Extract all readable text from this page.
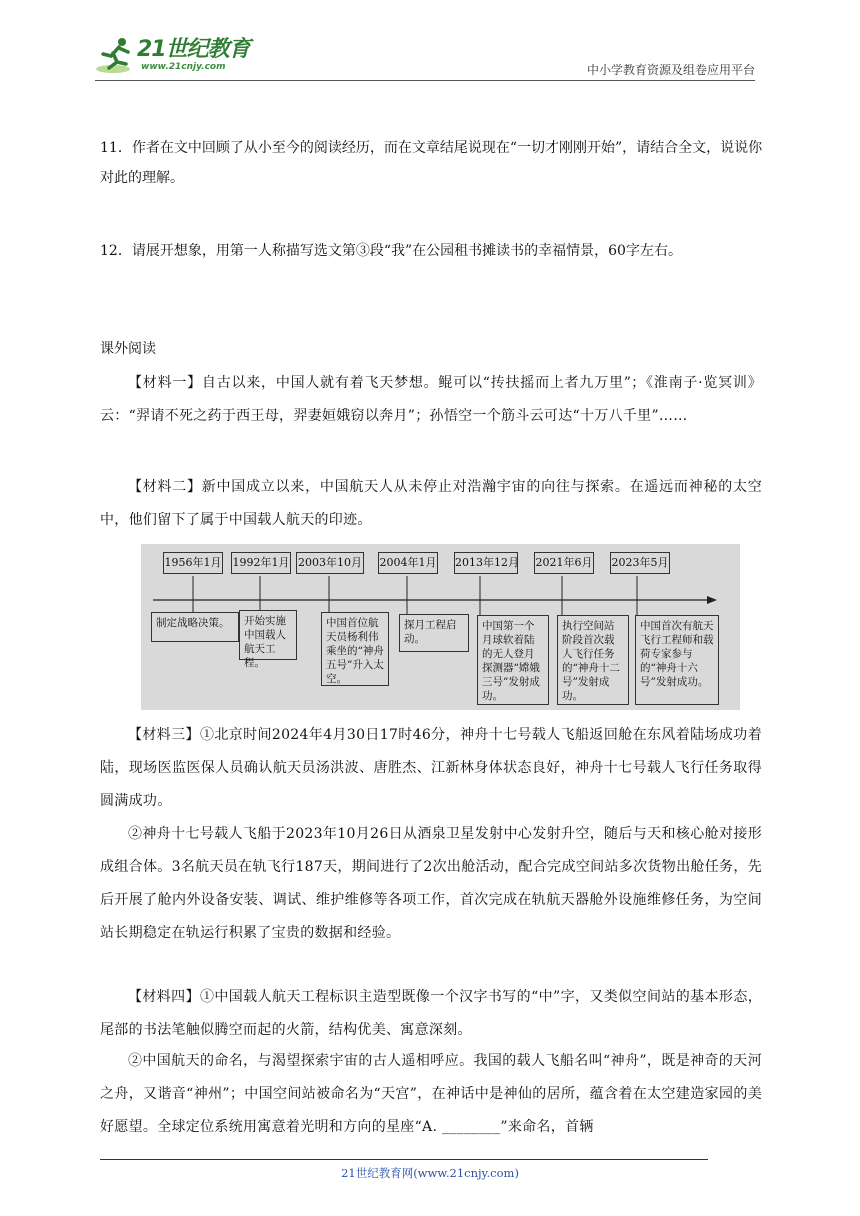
21世纪教育
www.21cnjy.com	中小学教育资源及组卷应用平台
11．作者在文中回顾了从小至今的阅读经历，而在文章结尾说现在“一切才刚刚开始”，请结合全文，说说你对此的理解。
12．请展开想象，用第一人称描写选文第③段“我”在公园租书摊读书的幸福情景，60字左右。
课外阅读
【材料一】自古以来，中国人就有着飞天梦想。鲲可以“抟扶摇而上者九万里”；《淮南子·览冥训》云：“羿请不死之药于西王母，羿妻姮娥窃以奔月”；孙悟空一个筋斗云可达“十万八千里”……
【材料二】新中国成立以来，中国航天人从未停止对浩瀚宇宙的向往与探索。在遥远而神秘的太空中，他们留下了属于中国载人航天的印迹。
1956年1月 1992年1月 2003年10月 2004年1月 2013年12月 2021年6月 2023年5月
制定战略决策。	开始实施中国载人航天工程。
中国首位航天员杨利伟乘坐的“神舟五号”升入太空。
探月工程启动。
中国第一个月球软着陆的无人登月探测器“嫦娥三号”发射成功。
执行空间站阶段首次载人飞行任务的“神舟十二号”发射成功。
中国首次有航天飞行工程师和载荷专家参与的“神舟十六号”发射成功。
【材料三】①北京时间2024年4月30日17时46分，神舟十七号载人飞船返回舱在东风着陆场成功着陆，现场医监医保人员确认航天员汤洪波、唐胜杰、江新林身体状态良好，神舟十七号载人飞行任务取得圆满成功。
②神舟十七号载人飞船于2023年10月26日从酒泉卫星发射中心发射升空，随后与天和核心舱对接形成组合体。3名航天员在轨飞行187天，期间进行了2次出舱活动，配合完成空间站多次货物出舱任务，先后开展了舱内外设备安装、调试、维护维修等各项工作，首次完成在轨航天器舱外设施维修任务，为空间站长期稳定在轨运行积累了宝贵的数据和经验。
【材料四】①中国载人航天工程标识主造型既像一个汉字书写的“中”字，又类似空间站的基本形态，尾部的书法笔触似腾空而起的火箭，结构优美、寓意深刻。
②中国航天的命名，与渴望探索宇宙的古人遥相呼应。我国的载人飞船名叫“神舟”，既是神奇的天河之舟，又谐音“神州”；中国空间站被命名为“天宫”，在神话中是神仙的居所，蕴含着在太空建造家园的美好愿望。全球定位系统用寓意着光明和方向的星座“A. ________”来命名，首辆
21世纪教育网(www.21cnjy.com)
